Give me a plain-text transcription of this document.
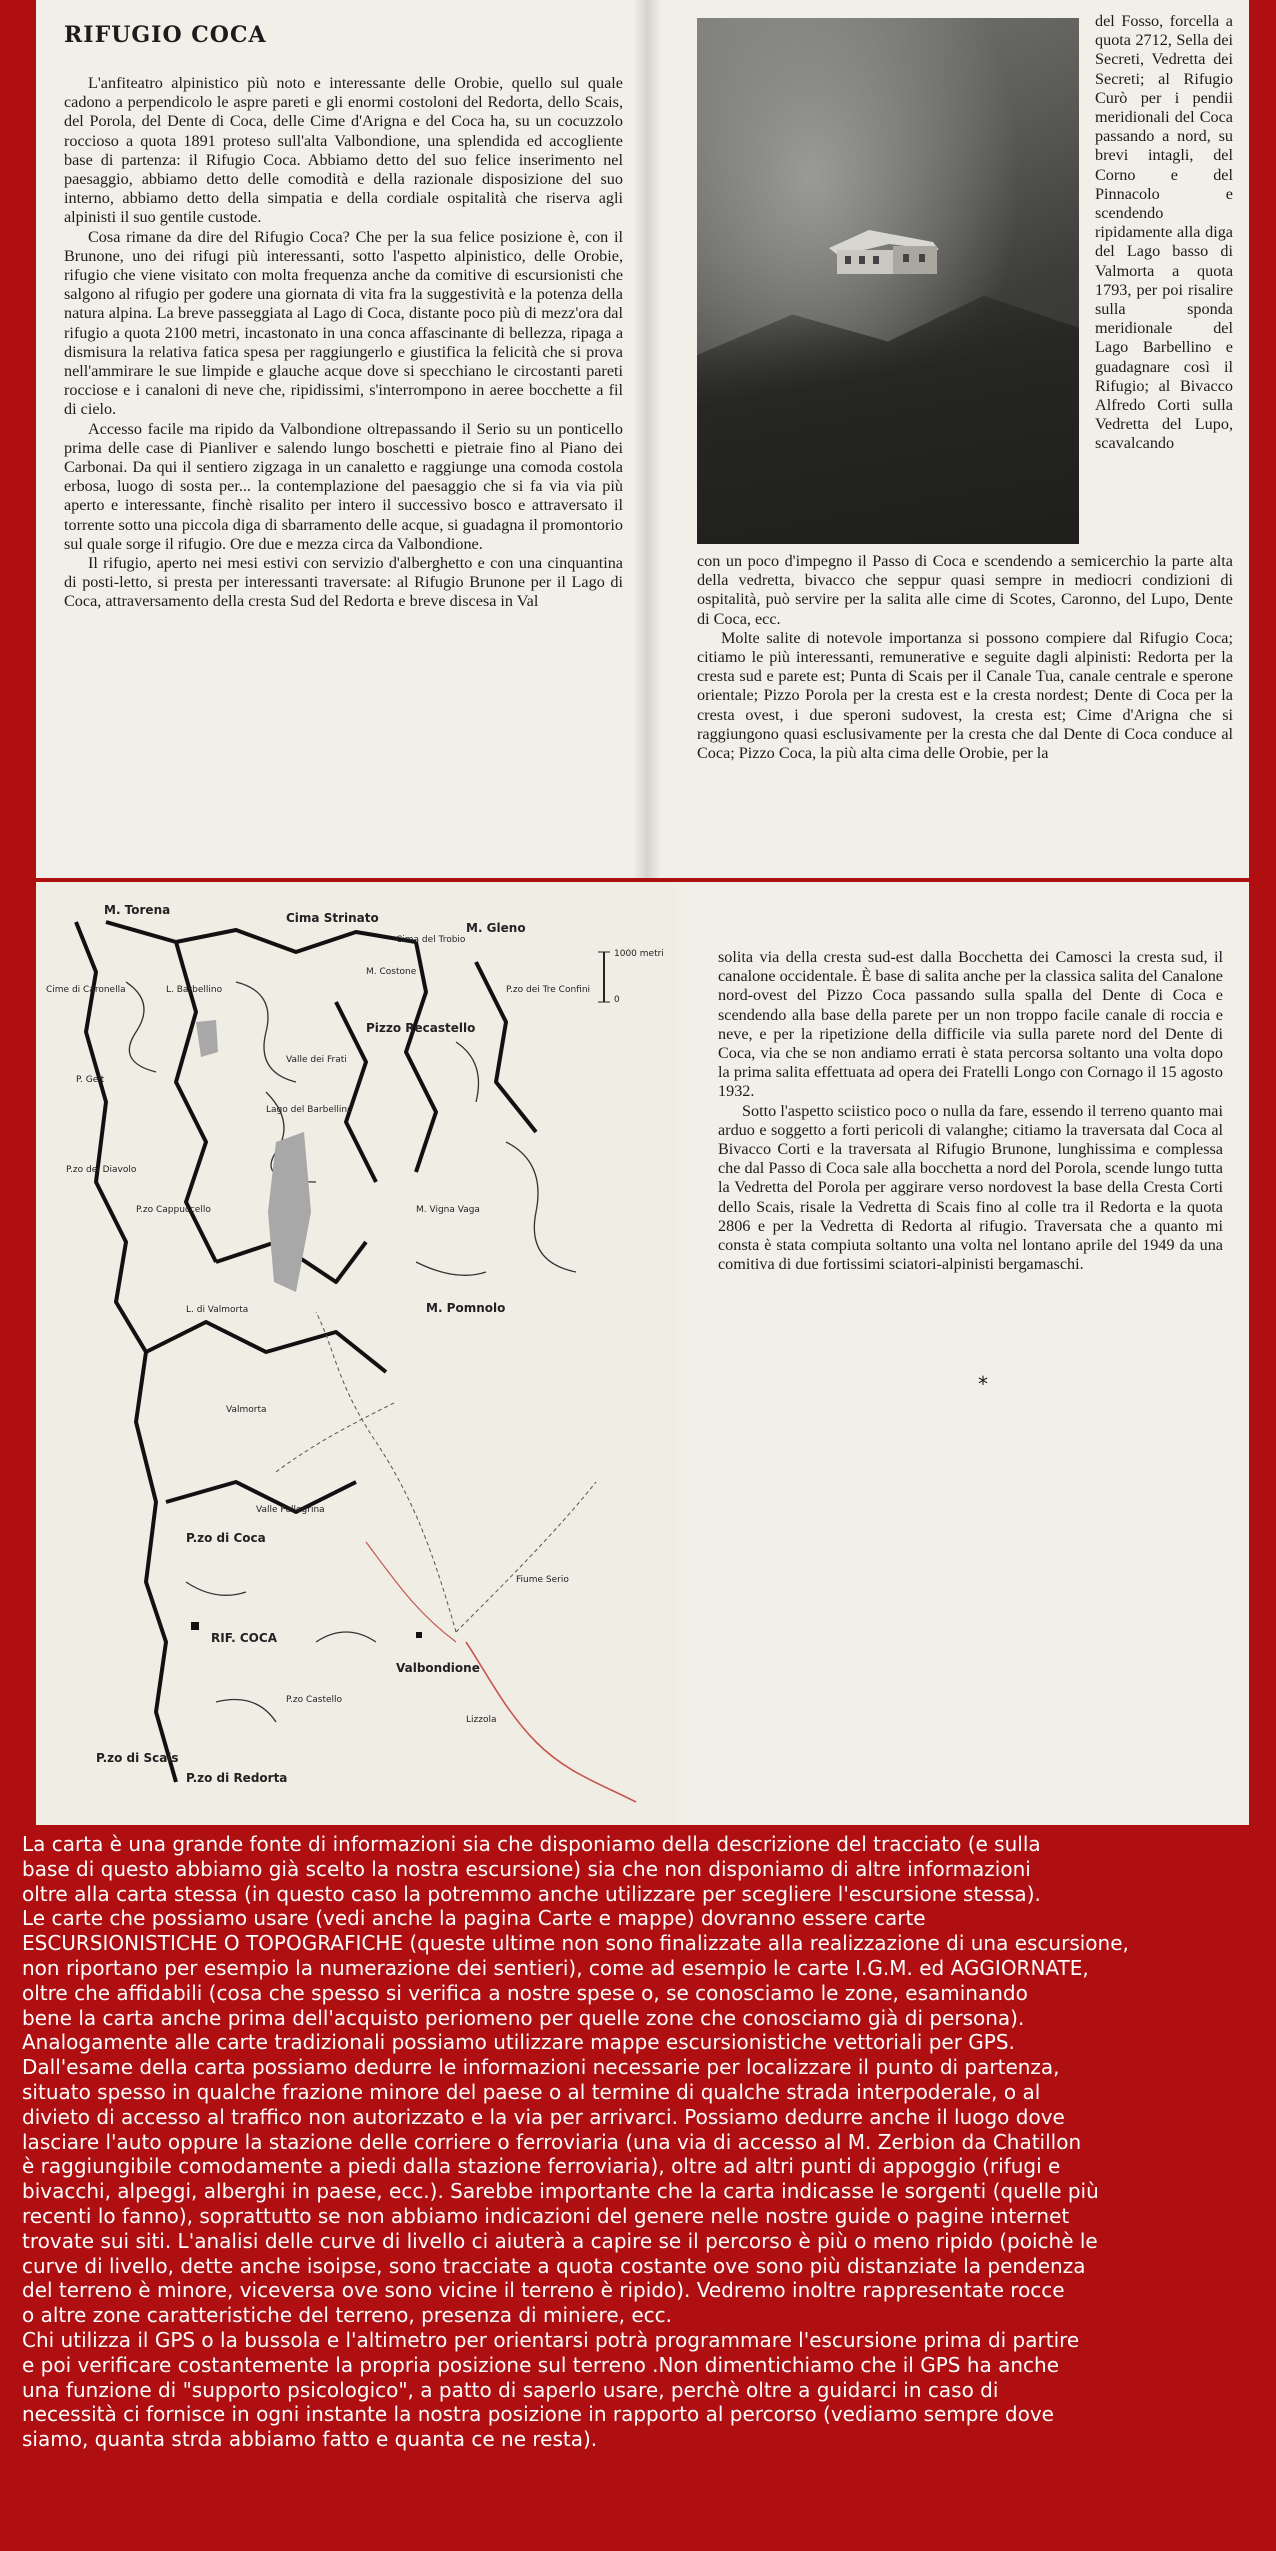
RIFUGIO COCA

L'anfiteatro alpinistico più noto e interessante delle Orobie, quello sul quale cadono a perpendicolo le aspre pareti e gli enormi costoloni del Redorta, dello Scais, del Porola, del Dente di Coca, delle Cime d'Arigna e del Coca ha, su un cocuzzolo roccioso a quota 1891 proteso sull'alta Valbondione, una splendida ed accogliente base di partenza: il Rifugio Coca. Abbiamo detto del suo felice inserimento nel paesaggio, abbiamo detto delle comodità e della razionale disposizione del suo interno, abbiamo detto della simpatia e della cordiale ospitalità che riserva agli alpinisti il suo gentile custode.

Cosa rimane da dire del Rifugio Coca? Che per la sua felice posizione è, con il Brunone, uno dei rifugi più interessanti, sotto l'aspetto alpinistico, delle Orobie, rifugio che viene visitato con molta frequenza anche da comitive di escursionisti che salgono al rifugio per godere una giornata di vita fra la suggestività e la potenza della natura alpina. La breve passeggiata al Lago di Coca, distante poco più di mezz'ora dal rifugio a quota 2100 metri, incastonato in una conca affascinante di bellezza, ripaga a dismisura la relativa fatica spesa per raggiungerlo e giustifica la felicità che si prova nell'ammirare le sue limpide e glauche acque dove si specchiano le circostanti pareti rocciose e i canaloni di neve che, ripidissimi, s'interrompono in aeree bocchette a fil di cielo.

Accesso facile ma ripido da Valbondione oltrepassando il Serio su un ponticello prima delle case di Pianliver e salendo lungo boschetti e pietraie fino al Piano dei Carbonai. Da qui il sentiero zigzaga in un canaletto e raggiunge una comoda costola erbosa, luogo di sosta per... la contemplazione del paesaggio che si fa via via più aperto e interessante, finchè risalito per intero il successivo bosco e attraversato il torrente sotto una piccola diga di sbarramento delle acque, si guadagna il promontorio sul quale sorge il rifugio. Ore due e mezza circa da Valbondione.

Il rifugio, aperto nei mesi estivi con servizio d'alberghetto e con una cinquantina di posti-letto, si presta per interessanti traversate: al Rifugio Brunone per il Lago di Coca, attraversamento della cresta Sud del Redorta e breve discesa in Val

del Fosso, forcella a quota 2712, Sella dei Secreti, Vedretta dei Secreti; al Rifugio Curò per i pendii meridionali del Coca passando a nord, su brevi intagli, del Corno e del Pinnacolo e scendendo ripidamente alla diga del Lago basso di Valmorta a quota 1793, per poi risalire sulla sponda meridionale del Lago Barbellino e guadagnare così il Rifugio; al Bivacco Alfredo Corti sulla Vedretta del Lupo, scavalcando

con un poco d'impegno il Passo di Coca e scendendo a semicerchio la parte alta della vedretta, bivacco che seppur quasi sempre in mediocri condizioni di ospitalità, può servire per la salita alle cime di Scotes, Caronno, del Lupo, Dente di Coca, ecc.

Molte salite di notevole importanza si possono compiere dal Rifugio Coca; citiamo le più interessanti, remunerative e seguite dagli alpinisti: Redorta per la cresta sud e parete est; Punta di Scais per il Canale Tua, canale centrale e sperone orientale; Pizzo Porola per la cresta est e la cresta nordest; Dente di Coca per la cresta ovest, i due speroni sudovest, la cresta est; Cime d'Arigna che si raggiungono quasi esclusivamente per la cresta che dal Dente di Coca conduce al Coca; Pizzo Coca, la più alta cima delle Orobie, per la

0
1000 metri
RIF. COCA
Valbondione
Lago del Barbellino
L. Barbellino
M. Gleno
M. Torena
M. Costone
Pizzo Recastello
P.zo di Coca
M. Pomnolo
P.zo di Redorta
P.zo di Scais
P.zo Castello
Lizzola
Cima Strinato
P.zo dei Tre Confini
Cima del Trobio
Valle dei Frati
Valle Pellegrina
Cime di Caronella
P.zo del Diavolo
P.zo Cappuccello
L. di Valmorta
Valmorta
P. Gelt
M. Vigna Vaga
Fiume Serio

solita via della cresta sud-est dalla Bocchetta dei Camosci la cresta sud, il canalone occidentale. È base di salita anche per la classica salita del Canalone nord-ovest del Pizzo Coca passando sulla spalla del Dente di Coca e scendendo alla base della parete per un non troppo facile canale di roccia e neve, e per la ripetizione della difficile via sulla parete nord del Dente di Coca, via che se non andiamo errati è stata percorsa soltanto una volta dopo la prima salita effettuata ad opera dei Fratelli Longo con Cornago il 15 agosto 1932.

Sotto l'aspetto sciistico poco o nulla da fare, essendo il terreno quanto mai arduo e soggetto a forti pericoli di valanghe; citiamo la traversata dal Coca al Bivacco Corti e la traversata al Rifugio Brunone, lunghissima e complessa che dal Passo di Coca sale alla bocchetta a nord del Porola, scende lungo tutta la Vedretta del Porola per aggirare verso nordovest la base della Cresta Corti dello Scais, risale la Vedretta di Scais fino al colle tra il Redorta e la quota 2806 e per la Vedretta di Redorta al rifugio. Traversata che a quanto mi consta è stata compiuta soltanto una volta nel lontano aprile del 1949 da una comitiva di due fortissimi sciatori-alpinisti bergamaschi.

*

La carta è una grande fonte di informazioni sia che disponiamo della descrizione del tracciato (e sulla

base di questo abbiamo già scelto la nostra escursione) sia che non disponiamo di altre informazioni

oltre alla carta stessa (in questo caso la potremmo anche utilizzare per scegliere l'escursione stessa).

Le carte che possiamo usare (vedi anche la pagina Carte e mappe) dovranno essere carte

ESCURSIONISTICHE O TOPOGRAFICHE (queste ultime non sono finalizzate alla realizzazione di una escursione,

non riportano per esempio la numerazione dei sentieri), come ad esempio le carte I.G.M. ed AGGIORNATE,

oltre che affidabili (cosa che spesso si verifica a nostre spese o, se conosciamo le zone, esaminando

bene la carta anche prima dell'acquisto periomeno per quelle zone che conosciamo già di persona).

Analogamente alle carte tradizionali possiamo utilizzare mappe escursionistiche vettoriali per GPS.

Dall'esame della carta possiamo dedurre le informazioni necessarie per localizzare il punto di partenza,

situato spesso in qualche frazione minore del paese o al termine di qualche strada interpoderale, o al

divieto di accesso al traffico non autorizzato e la via per arrivarci. Possiamo dedurre anche il luogo dove

lasciare l'auto oppure la stazione delle corriere o ferroviaria (una via di accesso al M. Zerbion da Chatillon

è raggiungibile comodamente a piedi dalla stazione ferroviaria), oltre ad altri punti di appoggio (rifugi e

bivacchi, alpeggi, alberghi in paese, ecc.). Sarebbe importante che la carta indicasse le sorgenti (quelle più

recenti lo fanno), soprattutto se non abbiamo indicazioni del genere nelle nostre guide o pagine internet

trovate sui siti. L'analisi delle curve di livello ci aiuterà a capire se il percorso è più o meno ripido (poichè le

curve di livello, dette anche isoipse, sono tracciate a quota costante ove sono più distanziate la pendenza

del terreno è minore, viceversa ove sono vicine il terreno è ripido). Vedremo inoltre rappresentate rocce

o altre zone caratteristiche del terreno, presenza di miniere, ecc.

Chi utilizza il GPS o la bussola e l'altimetro per orientarsi potrà programmare l'escursione prima di partire

e poi verificare costantemente la propria posizione sul terreno .Non dimentichiamo che il GPS ha anche

una funzione di "supporto psicologico", a patto di saperlo usare, perchè oltre a guidarci in caso di

necessità ci fornisce in ogni instante la nostra posizione in rapporto al percorso (vediamo sempre dove

siamo, quanta strda abbiamo fatto e quanta ce ne resta).
